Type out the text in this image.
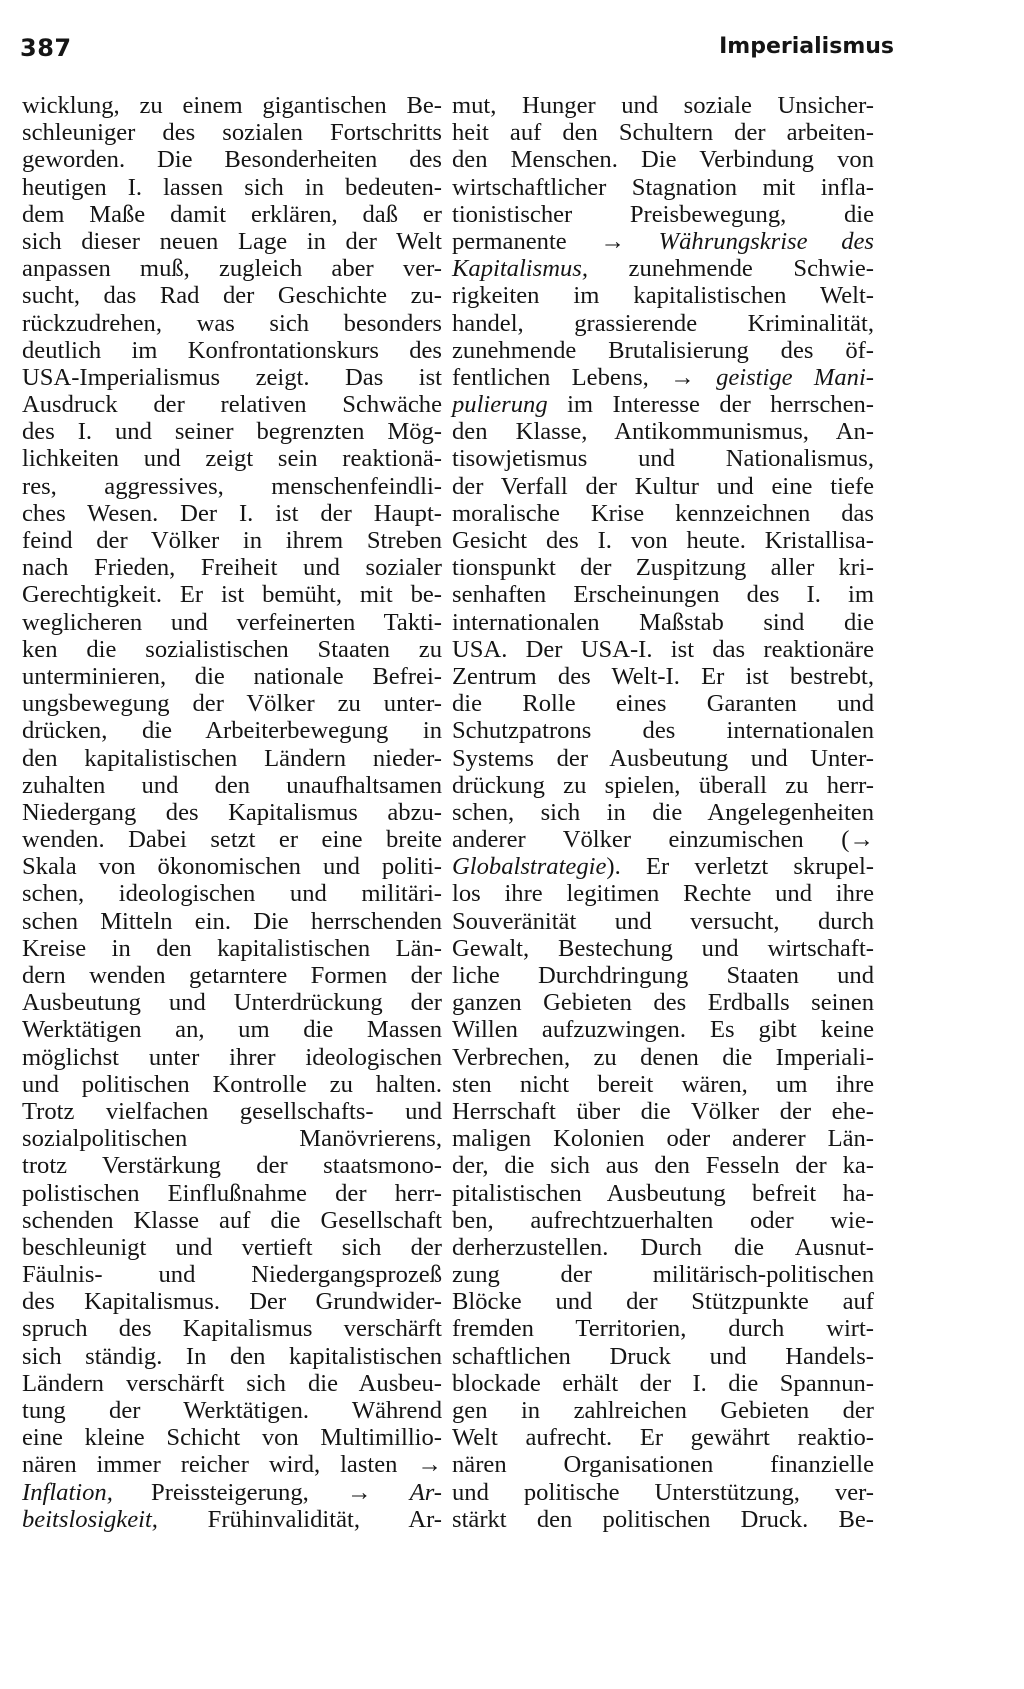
387	Imperialismus
wicklung, zu einem gigantischen Be-
schleuniger des sozialen Fortschritts
geworden. Die Besonderheiten des
heutigen I. lassen sich in bedeuten-
dem Maße damit erklären, daß er
sich dieser neuen Lage in der Welt
anpassen muß, zugleich aber ver-
sucht, das Rad der Geschichte zu-
rückzudrehen, was sich besonders
deutlich im Konfrontationskurs des
USA-Imperialismus zeigt. Das ist
Ausdruck der relativen Schwäche
des I. und seiner begrenzten Mög-
lichkeiten und zeigt sein reaktionä-
res, aggressives, menschenfeindli-
ches Wesen. Der I. ist der Haupt-
feind der Völker in ihrem Streben
nach Frieden, Freiheit und sozialer
Gerechtigkeit. Er ist bemüht, mit be-
weglicheren und verfeinerten Takti-
ken die sozialistischen Staaten zu
unterminieren, die nationale Befrei-
ungsbewegung der Völker zu unter-
drücken, die Arbeiterbewegung in
den kapitalistischen Ländern nieder-
zuhalten und den unaufhaltsamen
Niedergang des Kapitalismus abzu-
wenden. Dabei setzt er eine breite
Skala von ökonomischen und politi-
schen, ideologischen und militäri-
schen Mitteln ein. Die herrschenden
Kreise in den kapitalistischen Län-
dern wenden getarntere Formen der
Ausbeutung und Unterdrückung der
Werktätigen an, um die Massen
möglichst unter ihrer ideologischen
und politischen Kontrolle zu halten.
Trotz vielfachen gesellschafts- und
sozialpolitischen Manövrierens,
trotz Verstärkung der staatsmono-
polistischen Einflußnahme der herr-
schenden Klasse auf die Gesellschaft
beschleunigt und vertieft sich der
Fäulnis- und Niedergangsprozeß
des Kapitalismus. Der Grundwider-
spruch des Kapitalismus verschärft
sich ständig. In den kapitalistischen
Ländern verschärft sich die Ausbeu-
tung der Werktätigen. Während
eine kleine Schicht von Multimillio-
nären immer reicher wird, lasten →
Inflation, Preissteigerung, → Ar-
beitslosigkeit, Frühinvalidität, Ar-
mut, Hunger und soziale Unsicher-
heit auf den Schultern der arbeiten-
den Menschen. Die Verbindung von
wirtschaftlicher Stagnation mit infla-
tionistischer Preisbewegung, die
permanente → Währungskrise des
Kapitalismus, zunehmende Schwie-
rigkeiten im kapitalistischen Welt-
handel, grassierende Kriminalität,
zunehmende Brutalisierung des öf-
fentlichen Lebens, → geistige Mani-
pulierung im Interesse der herrschen-
den Klasse, Antikommunismus, An-
tisowjetismus und Nationalismus,
der Verfall der Kultur und eine tiefe
moralische Krise kennzeichnen das
Gesicht des I. von heute. Kristallisa-
tionspunkt der Zuspitzung aller kri-
senhaften Erscheinungen des I. im
internationalen Maßstab sind die
USA. Der USA-I. ist das reaktionäre
Zentrum des Welt-I. Er ist bestrebt,
die Rolle eines Garanten und
Schutzpatrons des internationalen
Systems der Ausbeutung und Unter-
drückung zu spielen, überall zu herr-
schen, sich in die Angelegenheiten
anderer Völker einzumischen (→
Globalstrategie). Er verletzt skrupel-
los ihre legitimen Rechte und ihre
Souveränität und versucht, durch
Gewalt, Bestechung und wirtschaft-
liche Durchdringung Staaten und
ganzen Gebieten des Erdballs seinen
Willen aufzuzwingen. Es gibt keine
Verbrechen, zu denen die Imperiali-
sten nicht bereit wären, um ihre
Herrschaft über die Völker der ehe-
maligen Kolonien oder anderer Län-
der, die sich aus den Fesseln der ka-
pitalistischen Ausbeutung befreit ha-
ben, aufrechtzuerhalten oder wie-
derherzustellen. Durch die Ausnut-
zung der militärisch-politischen
Blöcke und der Stützpunkte auf
fremden Territorien, durch wirt-
schaftlichen Druck und Handels-
blockade erhält der I. die Spannun-
gen in zahlreichen Gebieten der
Welt aufrecht. Er gewährt reaktio-
nären Organisationen finanzielle
und politische Unterstützung, ver-
stärkt den politischen Druck. Be-
